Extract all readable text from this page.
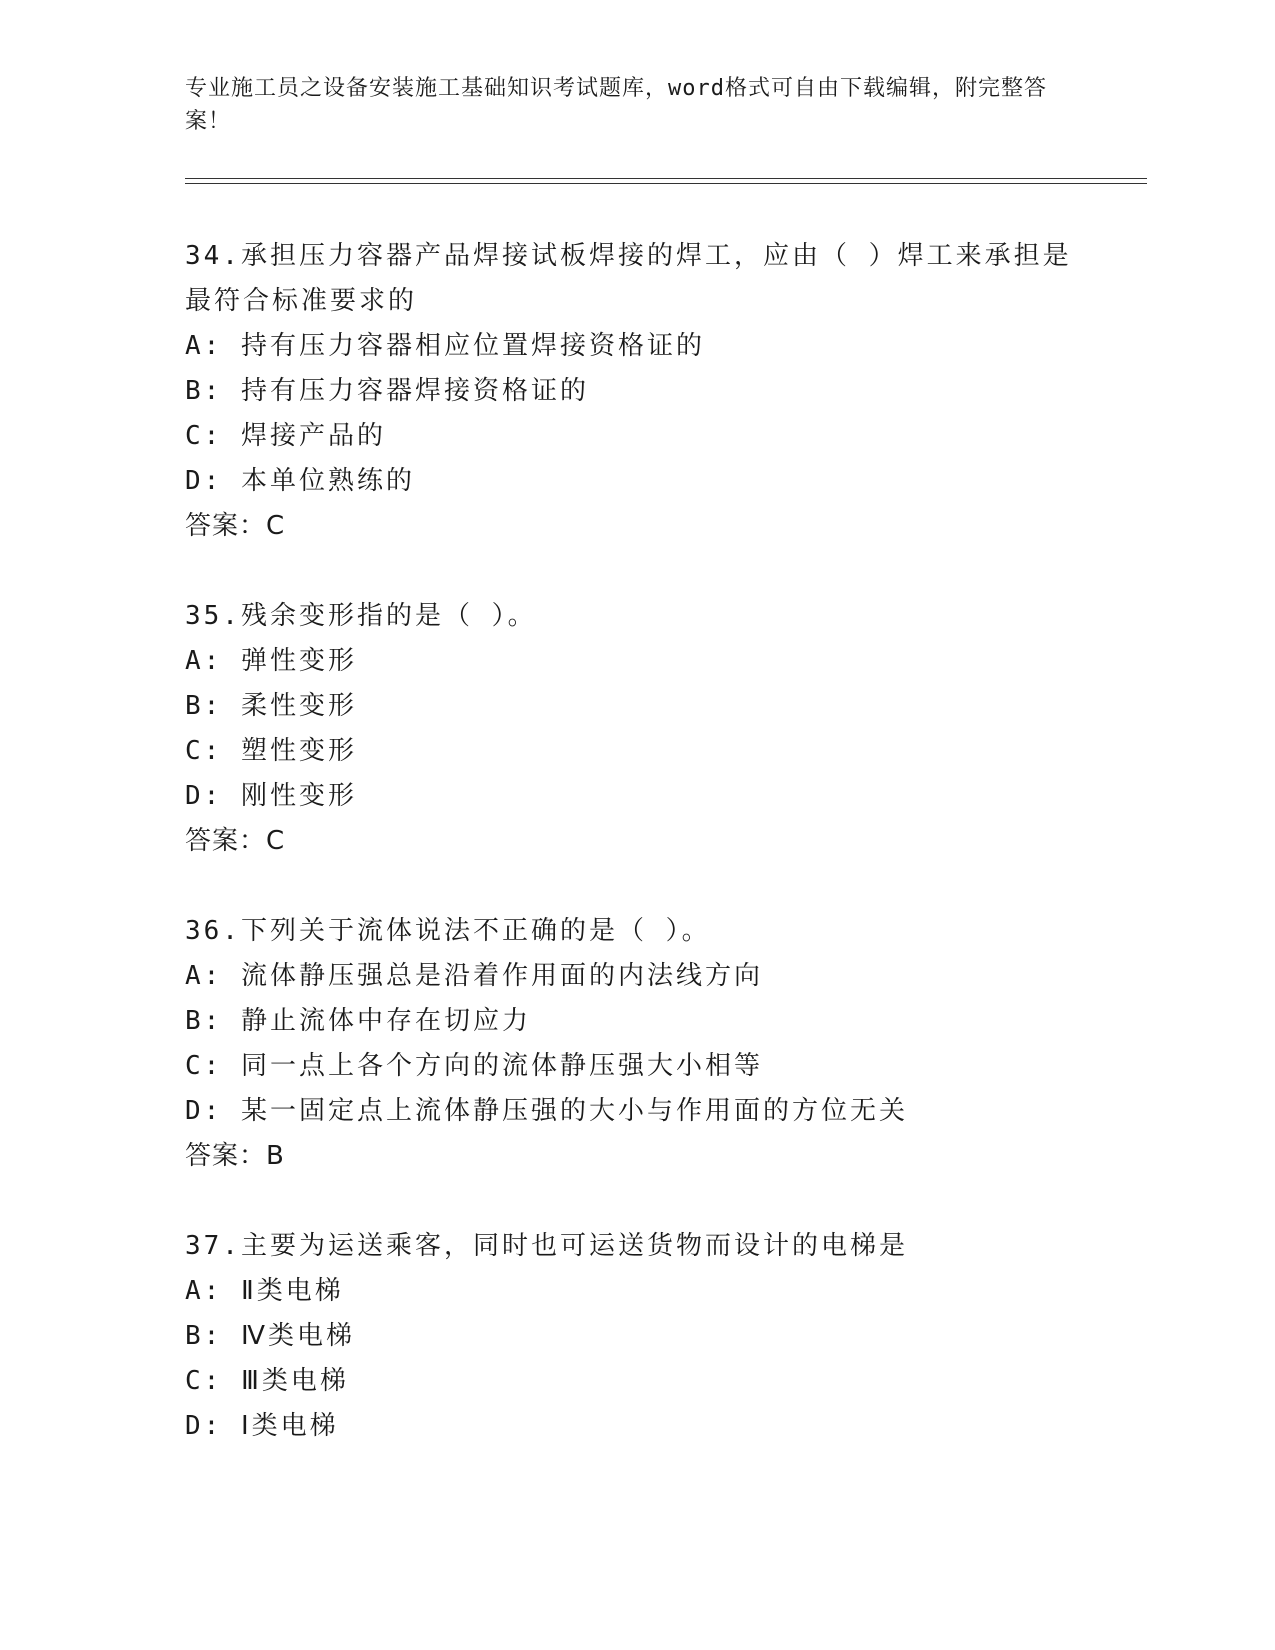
专业施工员之设备安装施工基础知识考试题库，word格式可自由下载编辑，附完整答案！
34.承担压力容器产品焊接试板焊接的焊工，应由（ ）焊工来承担是最符合标准要求的
A: 持有压力容器相应位置焊接资格证的
B: 持有压力容器焊接资格证的
C: 焊接产品的
D: 本单位熟练的
答案：C
35.残余变形指的是（ ）。
A: 弹性变形
B: 柔性变形
C: 塑性变形
D: 刚性变形
答案：C
36.下列关于流体说法不正确的是（ ）。
A: 流体静压强总是沿着作用面的内法线方向
B: 静止流体中存在切应力
C: 同一点上各个方向的流体静压强大小相等
D: 某一固定点上流体静压强的大小与作用面的方位无关
答案：B
37.主要为运送乘客，同时也可运送货物而设计的电梯是
A: Ⅱ类电梯
B: Ⅳ类电梯
C: Ⅲ类电梯
D: Ⅰ类电梯
